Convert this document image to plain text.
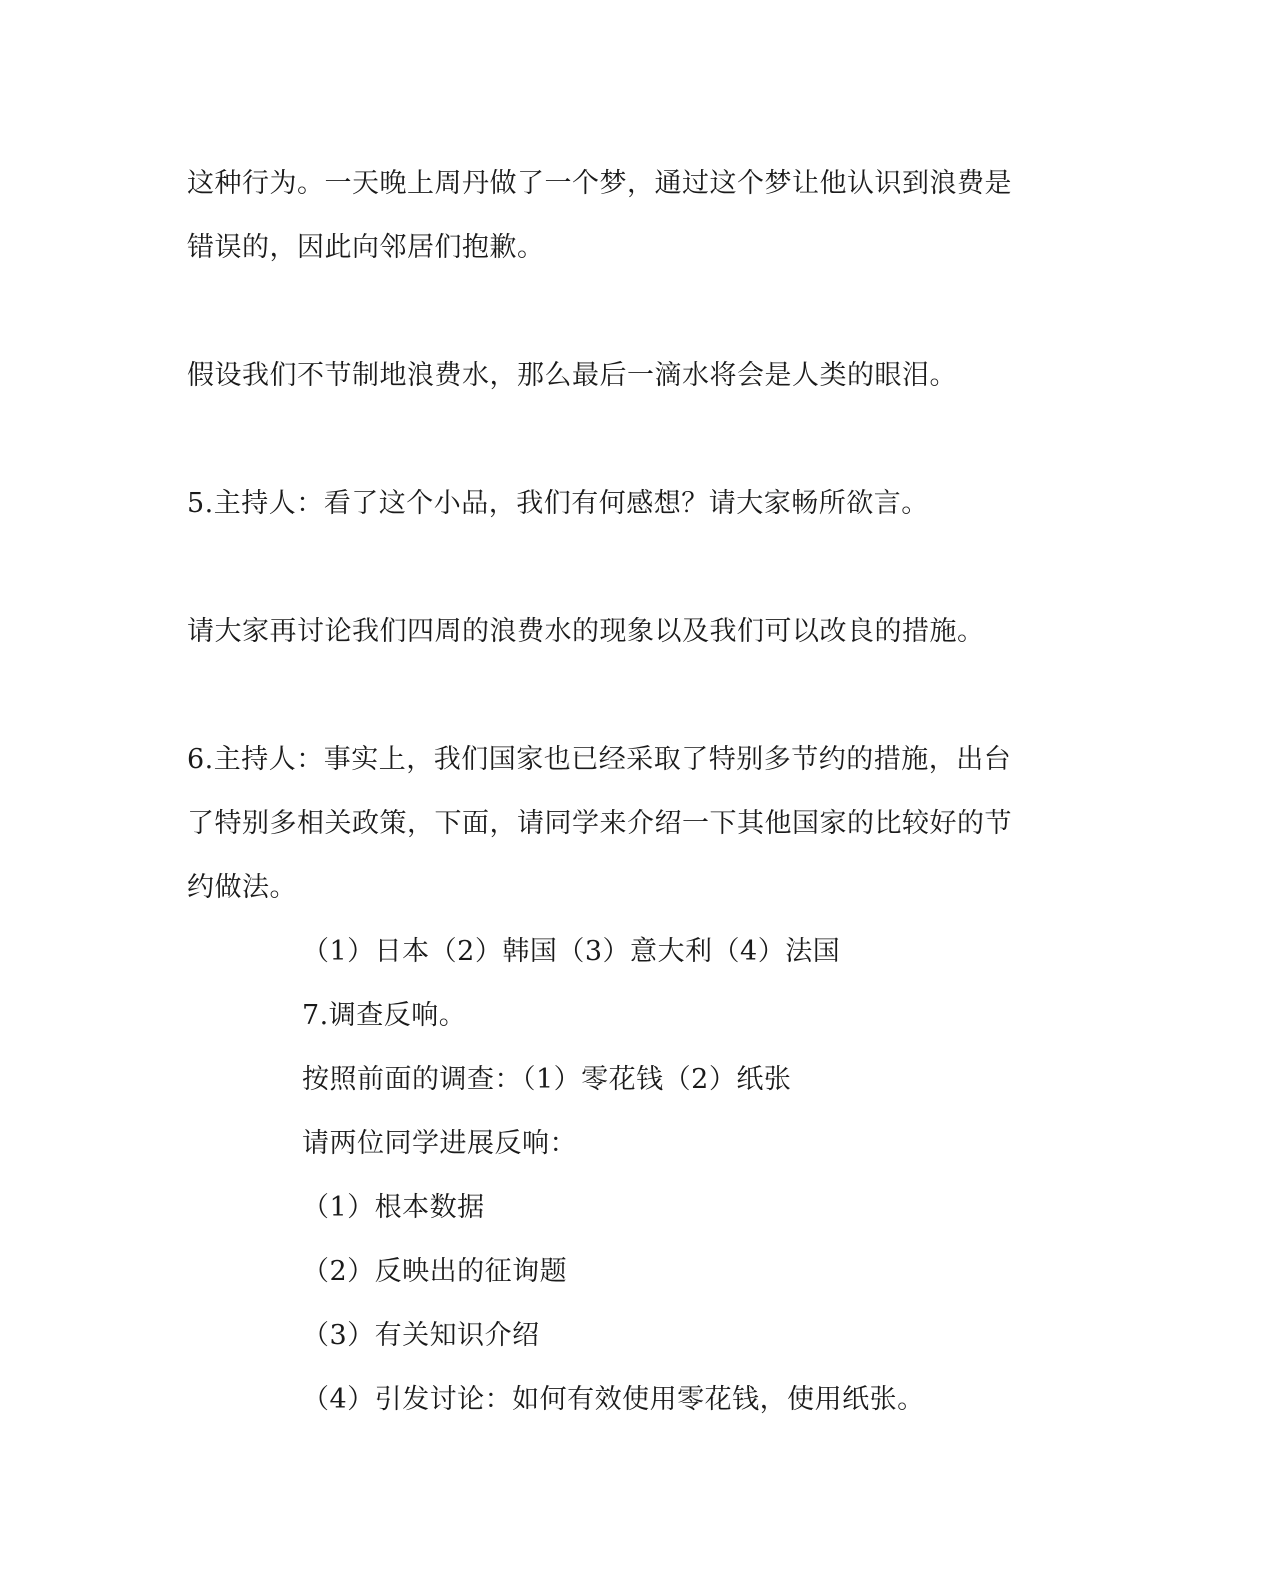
这种行为。一天晚上周丹做了一个梦，通过这个梦让他认识到浪费是
错误的，因此向邻居们抱歉。
假设我们不节制地浪费水，那么最后一滴水将会是人类的眼泪。
5.主持人：看了这个小品，我们有何感想？请大家畅所欲言。
请大家再讨论我们四周的浪费水的现象以及我们可以改良的措施。
6.主持人：事实上，我们国家也已经采取了特别多节约的措施，出台
了特别多相关政策，下面，请同学来介绍一下其他国家的比较好的节
约做法。
（1）日本（2）韩国（3）意大利（4）法国
7.调查反响。
按照前面的调查：（1）零花钱（2）纸张
请两位同学进展反响：
（1）根本数据
（2）反映出的征询题
（3）有关知识介绍
（4）引发讨论：如何有效使用零花钱，使用纸张。
